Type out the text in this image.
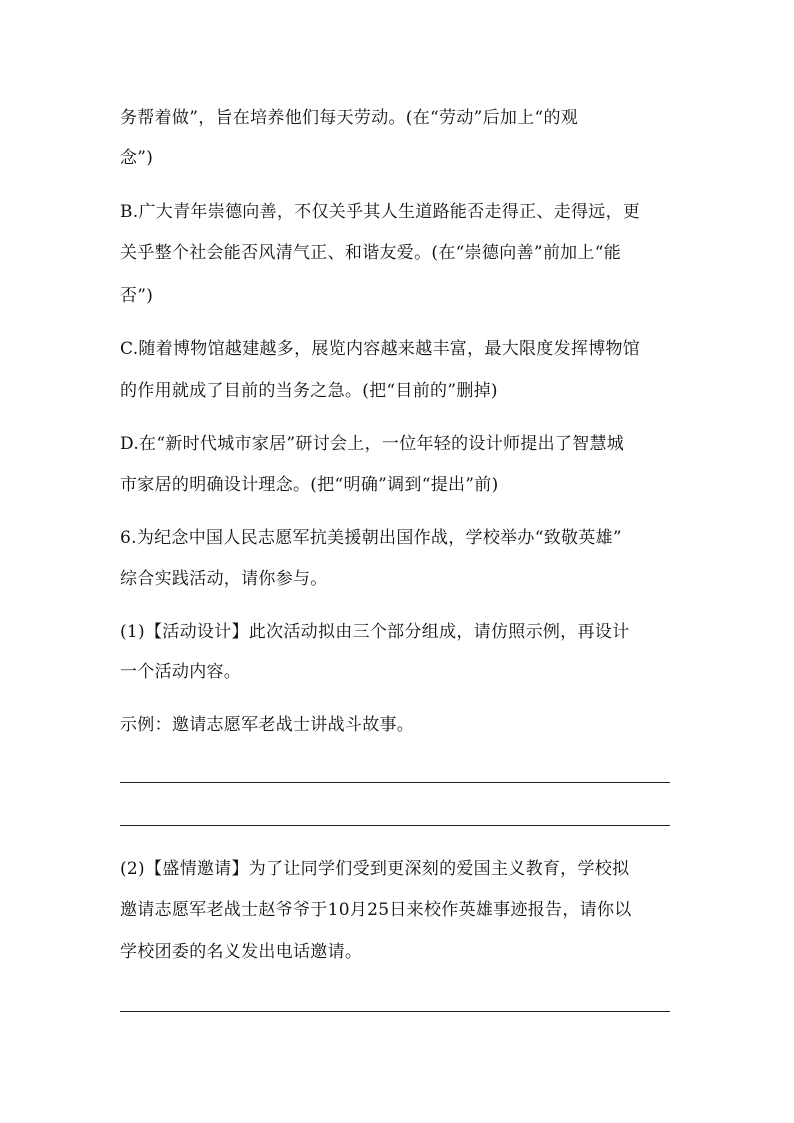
务帮着做”，旨在培养他们每天劳动。(在“劳动”后加上“的观
念”)
B.广大青年崇德向善，不仅关乎其人生道路能否走得正、走得远，更
关乎整个社会能否风清气正、和谐友爱。(在“崇德向善”前加上“能
否”)
C.随着博物馆越建越多，展览内容越来越丰富，最大限度发挥博物馆
的作用就成了目前的当务之急。(把“目前的”删掉)
D.在“新时代城市家居”研讨会上，一位年轻的设计师提出了智慧城
市家居的明确设计理念。(把“明确”调到“提出”前)
6.为纪念中国人民志愿军抗美援朝出国作战，学校举办“致敬英雄”
综合实践活动，请你参与。
(1)【活动设计】此次活动拟由三个部分组成，请仿照示例，再设计
一个活动内容。
示例：邀请志愿军老战士讲战斗故事。
(2)【盛情邀请】为了让同学们受到更深刻的爱国主义教育，学校拟
邀请志愿军老战士赵爷爷于10月25日来校作英雄事迹报告，请你以
学校团委的名义发出电话邀请。
